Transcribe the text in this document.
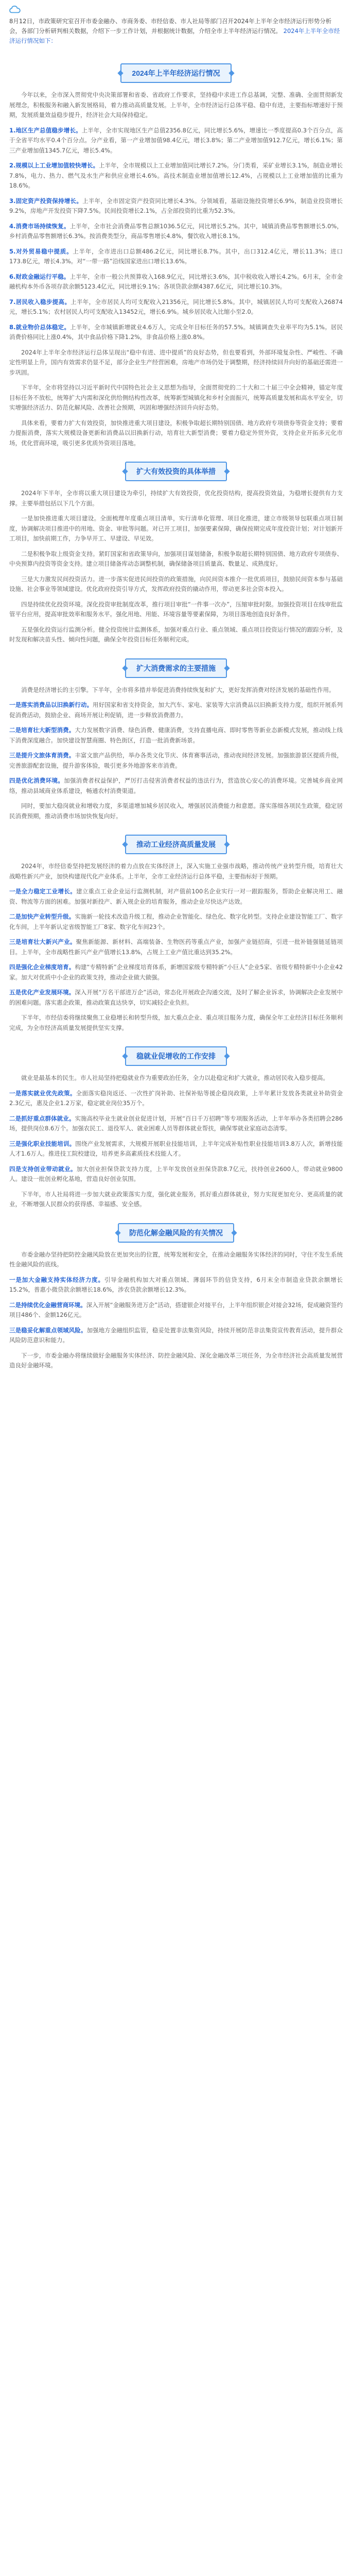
8月12日，市政策研究室召开市委金融办、市商务委、市经信委、市人社局等部门召开2024年上半年全市经济运行形势分析会，各部门分析研判相关数据，介绍下一步工作计划，并根据统计数据，介绍全市上半年经济运行情况。 2024年上半年全市经济运行情况如下：
2024年上半年经济运行情况

今年以来，全市深入贯彻党中央决策部署和省委、省政府工作要求，坚持稳中求进工作总基调，完整、准确、全面贯彻新发展理念，积极服务和融入新发展格局，着力推动高质量发展。上半年，全市经济运行总体平稳、稳中有进，主要指标增速好于预期，发展质量效益稳步提升，经济社会大局保持稳定。

1.地区生产总值稳步增长。上半年，全市实现地区生产总值2356.8亿元，同比增长5.6%，增速比一季度提高0.3个百分点，高于全省平均水平0.4个百分点。分产业看，第一产业增加值98.4亿元，增长3.8%；第二产业增加值912.7亿元，增长6.1%；第三产业增加值1345.7亿元，增长5.4%。

2.规模以上工业增加值较快增长。上半年，全市规模以上工业增加值同比增长7.2%。分门类看，采矿业增长3.1%，制造业增长7.8%，电力、热力、燃气及水生产和供应业增长4.6%。高技术制造业增加值增长12.4%，占规模以上工业增加值的比重为18.6%。

3.固定资产投资保持增长。上半年，全市固定资产投资同比增长4.3%。分领域看，基础设施投资增长6.9%，制造业投资增长9.2%，房地产开发投资下降7.5%。民间投资增长2.1%，占全部投资的比重为52.3%。

4.消费市场持续恢复。上半年，全市社会消费品零售总额1036.5亿元，同比增长5.2%。其中，城镇消费品零售额增长5.0%，乡村消费品零售额增长6.3%。按消费类型分，商品零售增长4.8%，餐饮收入增长8.1%。

5.对外贸易稳中提质。上半年，全市进出口总额486.2亿元，同比增长8.7%。其中，出口312.4亿元，增长11.3%；进口173.8亿元，增长4.3%。对“一带一路”沿线国家进出口增长13.6%。

6.财政金融运行平稳。上半年，全市一般公共预算收入168.9亿元，同比增长3.6%，其中税收收入增长4.2%。6月末，全市金融机构本外币各项存款余额5123.4亿元，同比增长9.1%；各项贷款余额4387.6亿元，同比增长10.3%。

7.居民收入稳步提高。上半年，全市居民人均可支配收入21356元，同比增长5.8%。其中，城镇居民人均可支配收入26874元，增长5.1%；农村居民人均可支配收入13452元，增长6.9%。城乡居民收入比缩小至2.0。

8.就业物价总体稳定。上半年，全市城镇新增就业4.6万人，完成全年目标任务的57.5%。城镇调查失业率平均为5.1%。居民消费价格同比上涨0.4%，其中食品价格下降1.2%，非食品价格上涨0.8%。

2024年上半年全市经济运行总体呈现出“稳中有进、进中提质”的良好态势，但也要看到，外部环境复杂性、严峻性、不确定性明显上升，国内有效需求仍显不足，部分企业生产经营困难，房地产市场仍处于调整期，经济持续回升向好的基础还需进一步巩固。

下半年，全市将坚持以习近平新时代中国特色社会主义思想为指导，全面贯彻党的二十大和二十届三中全会精神，锚定年度目标任务不放松，统筹扩大内需和深化供给侧结构性改革，统筹新型城镇化和乡村全面振兴，统筹高质量发展和高水平安全，切实增强经济活力、防范化解风险、改善社会预期，巩固和增强经济回升向好态势。

具体来看，要着力扩大有效投资，加快推进重大项目建设，积极争取超长期特别国债、地方政府专项债券等资金支持；要着力提振消费，落实大规模设备更新和消费品以旧换新行动，培育壮大新型消费；要着力稳定外贸外资，支持企业开拓多元化市场，优化营商环境，吸引更多优质外资项目落地。

扩大有效投资的具体举措

2024年下半年，全市将以重大项目建设为牵引，持续扩大有效投资，优化投资结构，提高投资效益，为稳增长提供有力支撑。主要举措包括以下几个方面。

一是加快推进重大项目建设。全面梳理年度重点项目清单，实行清单化管理、项目化推进，建立市级领导包联重点项目制度，协调解决项目推进中的用地、资金、审批等问题。对已开工项目，加强要素保障，确保按期完成年度投资计划；对计划新开工项目，加快前期工作，力争早开工、早建设、早见效。

二是积极争取上级资金支持。紧盯国家和省政策导向，加强项目谋划储备，积极争取超长期特别国债、地方政府专项债券、中央预算内投资等资金支持。建立项目储备库动态调整机制，确保储备项目质量高、数量足、成熟度好。

三是大力激发民间投资活力。进一步落实促进民间投资的政策措施，向民间资本推介一批优质项目，鼓励民间资本参与基础设施、社会事业等领域建设。优化政府投资引导方式，发挥政府投资的撬动作用，带动更多社会资本投入。

四是持续优化投资环境。深化投资审批制度改革，推行项目审批“一件事一次办”，压缩审批时限。加强投资项目在线审批监管平台应用，提高审批效率和服务水平。强化用地、用能、环境容量等要素保障，为项目落地创造良好条件。

五是强化投资运行监测分析。健全投资统计监测体系，加强对重点行业、重点领域、重点项目投资运行情况的跟踪分析，及时发现和解决苗头性、倾向性问题，确保全年投资目标任务顺利完成。

扩大消费需求的主要措施

消费是经济增长的主引擎。下半年，全市将多措并举促进消费持续恢复和扩大，更好发挥消费对经济发展的基础性作用。

一是落实消费品以旧换新行动。用好国家和省支持资金，加大汽车、家电、家装等大宗消费品以旧换新支持力度，组织开展系列促消费活动，鼓励企业、商场开展让利促销，进一步释放消费潜力。

二是培育壮大新型消费。大力发展数字消费、绿色消费、健康消费，支持直播电商、即时零售等新业态新模式发展，推动线上线下消费深度融合。加快建设智慧商圈、特色街区，打造一批消费新场景。

三是提升文旅体育消费。丰富文旅产品供给，举办各类文化节庆、体育赛事活动，推动夜间经济发展。加强旅游景区提质升级，完善旅游配套设施，提升游客体验，吸引更多外地游客来市消费。

四是优化消费环境。加强消费者权益保护，严厉打击侵害消费者权益的违法行为，营造放心安心的消费环境。完善城乡商业网络，推动县域商业体系建设，畅通农村消费渠道。

同时，要加大稳岗就业和增收力度，多渠道增加城乡居民收入，增强居民消费能力和意愿。落实落细各项民生政策，稳定居民消费预期，推动消费市场加快恢复向好。

推动工业经济高质量发展

2024年，市经信委坚持把发展经济的着力点放在实体经济上，深入实施工业强市战略，推动传统产业转型升级，培育壮大战略性新兴产业，加快构建现代化产业体系。上半年，全市工业经济运行总体平稳，主要指标好于预期。

一是全力稳定工业增长。建立重点工业企业运行监测机制，对产值前100名企业实行一对一跟踪服务，帮助企业解决用工、融资、物流等方面的困难。加强对新投产、新入规企业的培育服务，推动企业尽快达产达效。

二是加快产业转型升级。实施新一轮技术改造升级工程，推动企业智能化、绿色化、数字化转型。支持企业建设智能工厂、数字化车间，上半年新认定省级智能工厂8家、数字化车间23个。

三是培育壮大新兴产业。聚焦新能源、新材料、高端装备、生物医药等重点产业，加强产业链招商，引进一批补链强链延链项目。上半年，全市战略性新兴产业产值增长13.8%，占规上工业产值比重达到35.2%。

四是强化企业梯度培育。构建“专精特新”企业梯度培育体系，新增国家级专精特新“小巨人”企业5家、省级专精特新中小企业42家。加大对优质中小企业的政策支持，推动企业做大做强。

五是优化产业发展环境。深入开展“万名干部进万企”活动，常态化开展政企沟通交流，及时了解企业诉求，协调解决企业发展中的困难问题。落实惠企政策，推动政策直达快享，切实减轻企业负担。

下半年，市经信委将继续聚焦工业稳增长和转型升级，加大重点企业、重点项目服务力度，确保全年工业经济目标任务顺利完成，为全市经济高质量发展提供坚实支撑。

稳就业促增收的工作安排

就业是最基本的民生。市人社局坚持把稳就业作为重要政治任务，全力以赴稳定和扩大就业，推动居民收入稳步提高。

一是落实就业优先政策。全面落实稳岗返还、一次性扩岗补助、社保补贴等援企稳岗政策，上半年累计发放各类就业补助资金2.3亿元，惠及企业1.2万家，稳定就业岗位35万个。

二是抓好重点群体就业。实施高校毕业生就业创业促进计划，开展“百日千万招聘”等专项服务活动，上半年举办各类招聘会286场，提供岗位8.6万个。加强农民工、退役军人、就业困难人员等群体就业帮扶，确保零就业家庭动态清零。

三是强化职业技能培训。围绕产业发展需求，大规模开展职业技能培训，上半年完成补贴性职业技能培训3.8万人次，新增技能人才1.6万人。推进技工院校建设，培养更多高素质技术技能人才。

四是支持创业带动就业。加大创业担保贷款支持力度，上半年发放创业担保贷款8.7亿元，扶持创业2600人，带动就业9800人。建设一批创业孵化基地，营造良好创业氛围。

下半年，市人社局将进一步加大就业政策落实力度，强化就业服务，抓好重点群体就业，努力实现更加充分、更高质量的就业，不断增强人民群众的获得感、幸福感、安全感。

防范化解金融风险的有关情况

市委金融办坚持把防控金融风险放在更加突出的位置，统筹发展和安全，在推动金融服务实体经济的同时，守住不发生系统性金融风险的底线。

一是加大金融支持实体经济力度。引导金融机构加大对重点领域、薄弱环节的信贷支持，6月末全市制造业贷款余额增长15.2%，普惠小微贷款余额增长18.6%，涉农贷款余额增长12.3%。

二是持续优化金融营商环境。深入开展“金融服务进万企”活动，搭建银企对接平台，上半年组织银企对接会32场，促成融资签约项目486个、金额126亿元。

三是稳妥化解重点领域风险。加强地方金融组织监管，稳妥处置非法集资风险，持续开展防范非法集资宣传教育活动，提升群众风险防范意识和能力。

下一步，市委金融办将继续做好金融服务实体经济、防控金融风险、深化金融改革三项任务，为全市经济社会高质量发展营造良好金融环境。
